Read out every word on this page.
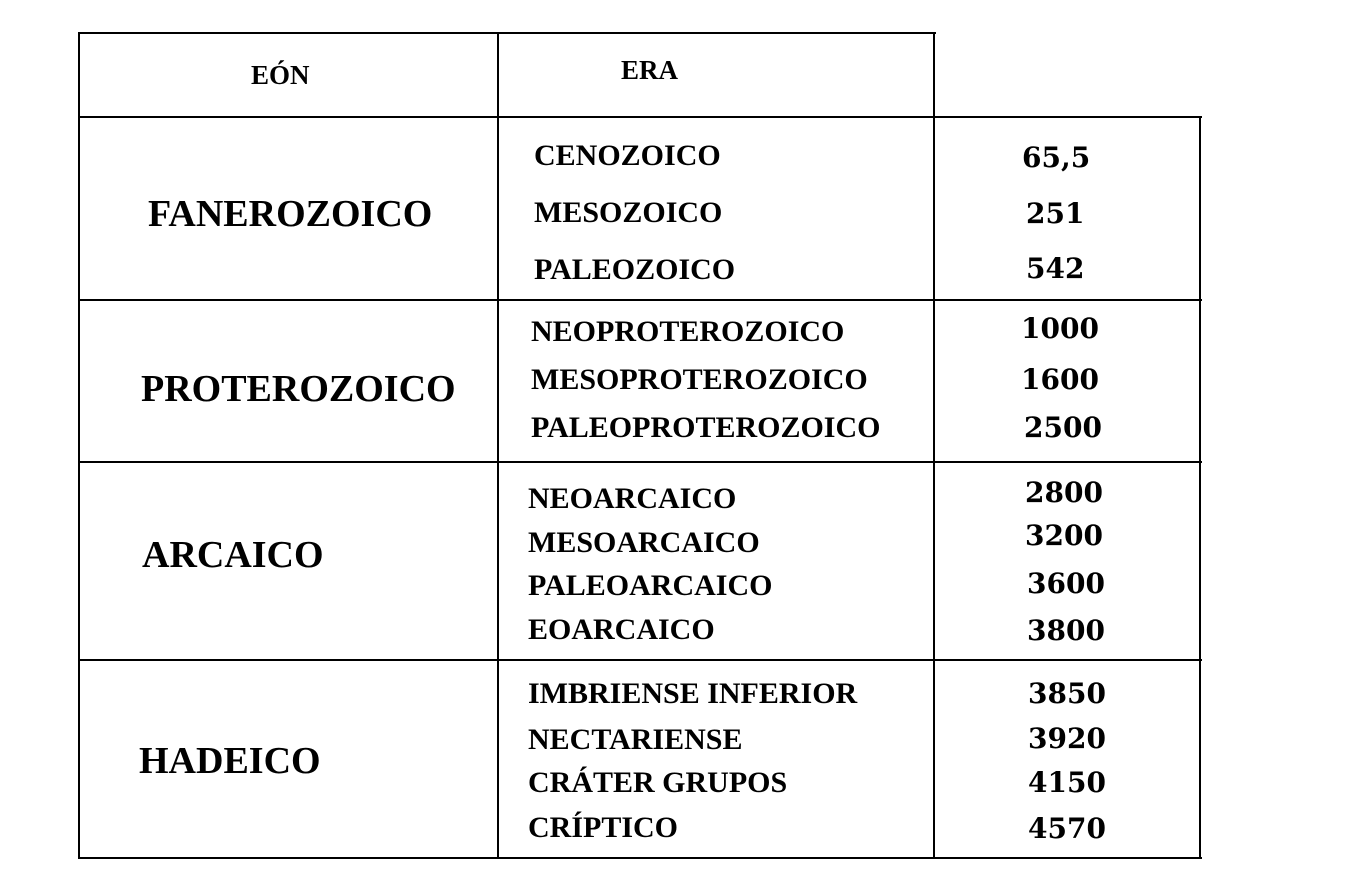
EÓN	ERA
FANEROZOICO
CENOZOICO
MESOZOICO
PALEOZOICO
65,5
251
542
PROTEROZOICO
NEOPROTEROZOICO
MESOPROTEROZOICO
PALEOPROTEROZOICO
1000
1600
2500
ARCAICO
NEOARCAICO
MESOARCAICO
PALEOARCAICO
EOARCAICO
2800
3200
3600
3800
HADEICO
IMBRIENSE INFERIOR
NECTARIENSE
CRÁTER GRUPOS
CRÍPTICO
3850
3920
4150
4570
